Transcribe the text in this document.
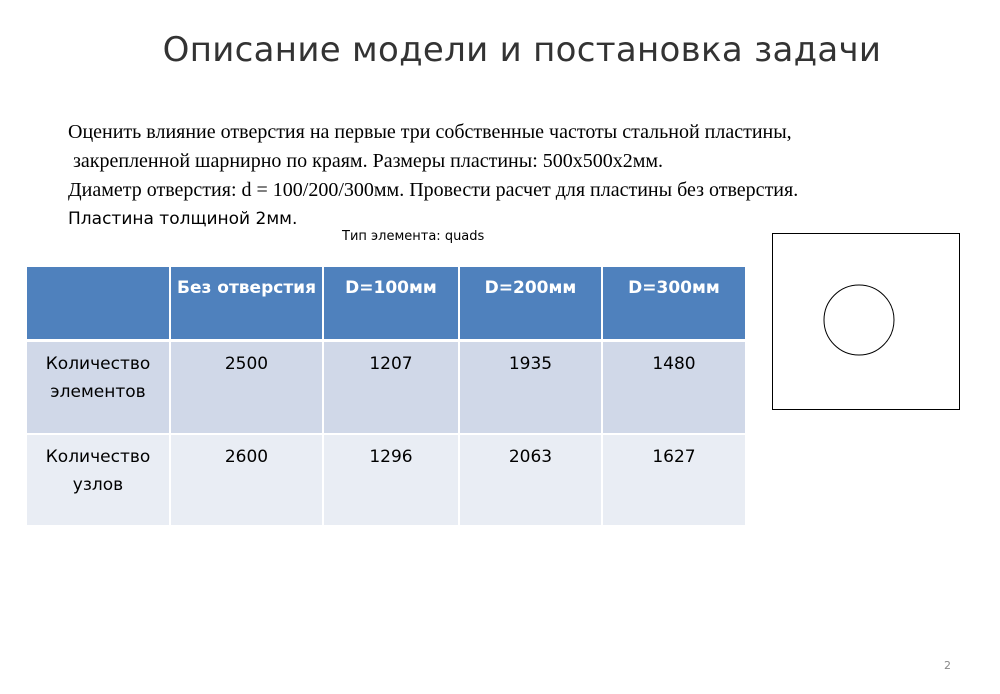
Описание модели и постановка задачи
Оценить влияние отверстия на первые три собственные частоты стальной пластины,
закрепленной шарнирно по краям. Размеры пластины: 500х500х2мм.
Диаметр отверстия: d = 100/200/300мм. Провести расчет для пластины без отверстия.
Пластина толщиной 2мм.
Тип элемента: quads
	Без отверстия	D=100мм	D=200мм	D=300мм
Количество элементов	2500	1207	1935	1480
Количество узлов	2600	1296	2063	1627
2
